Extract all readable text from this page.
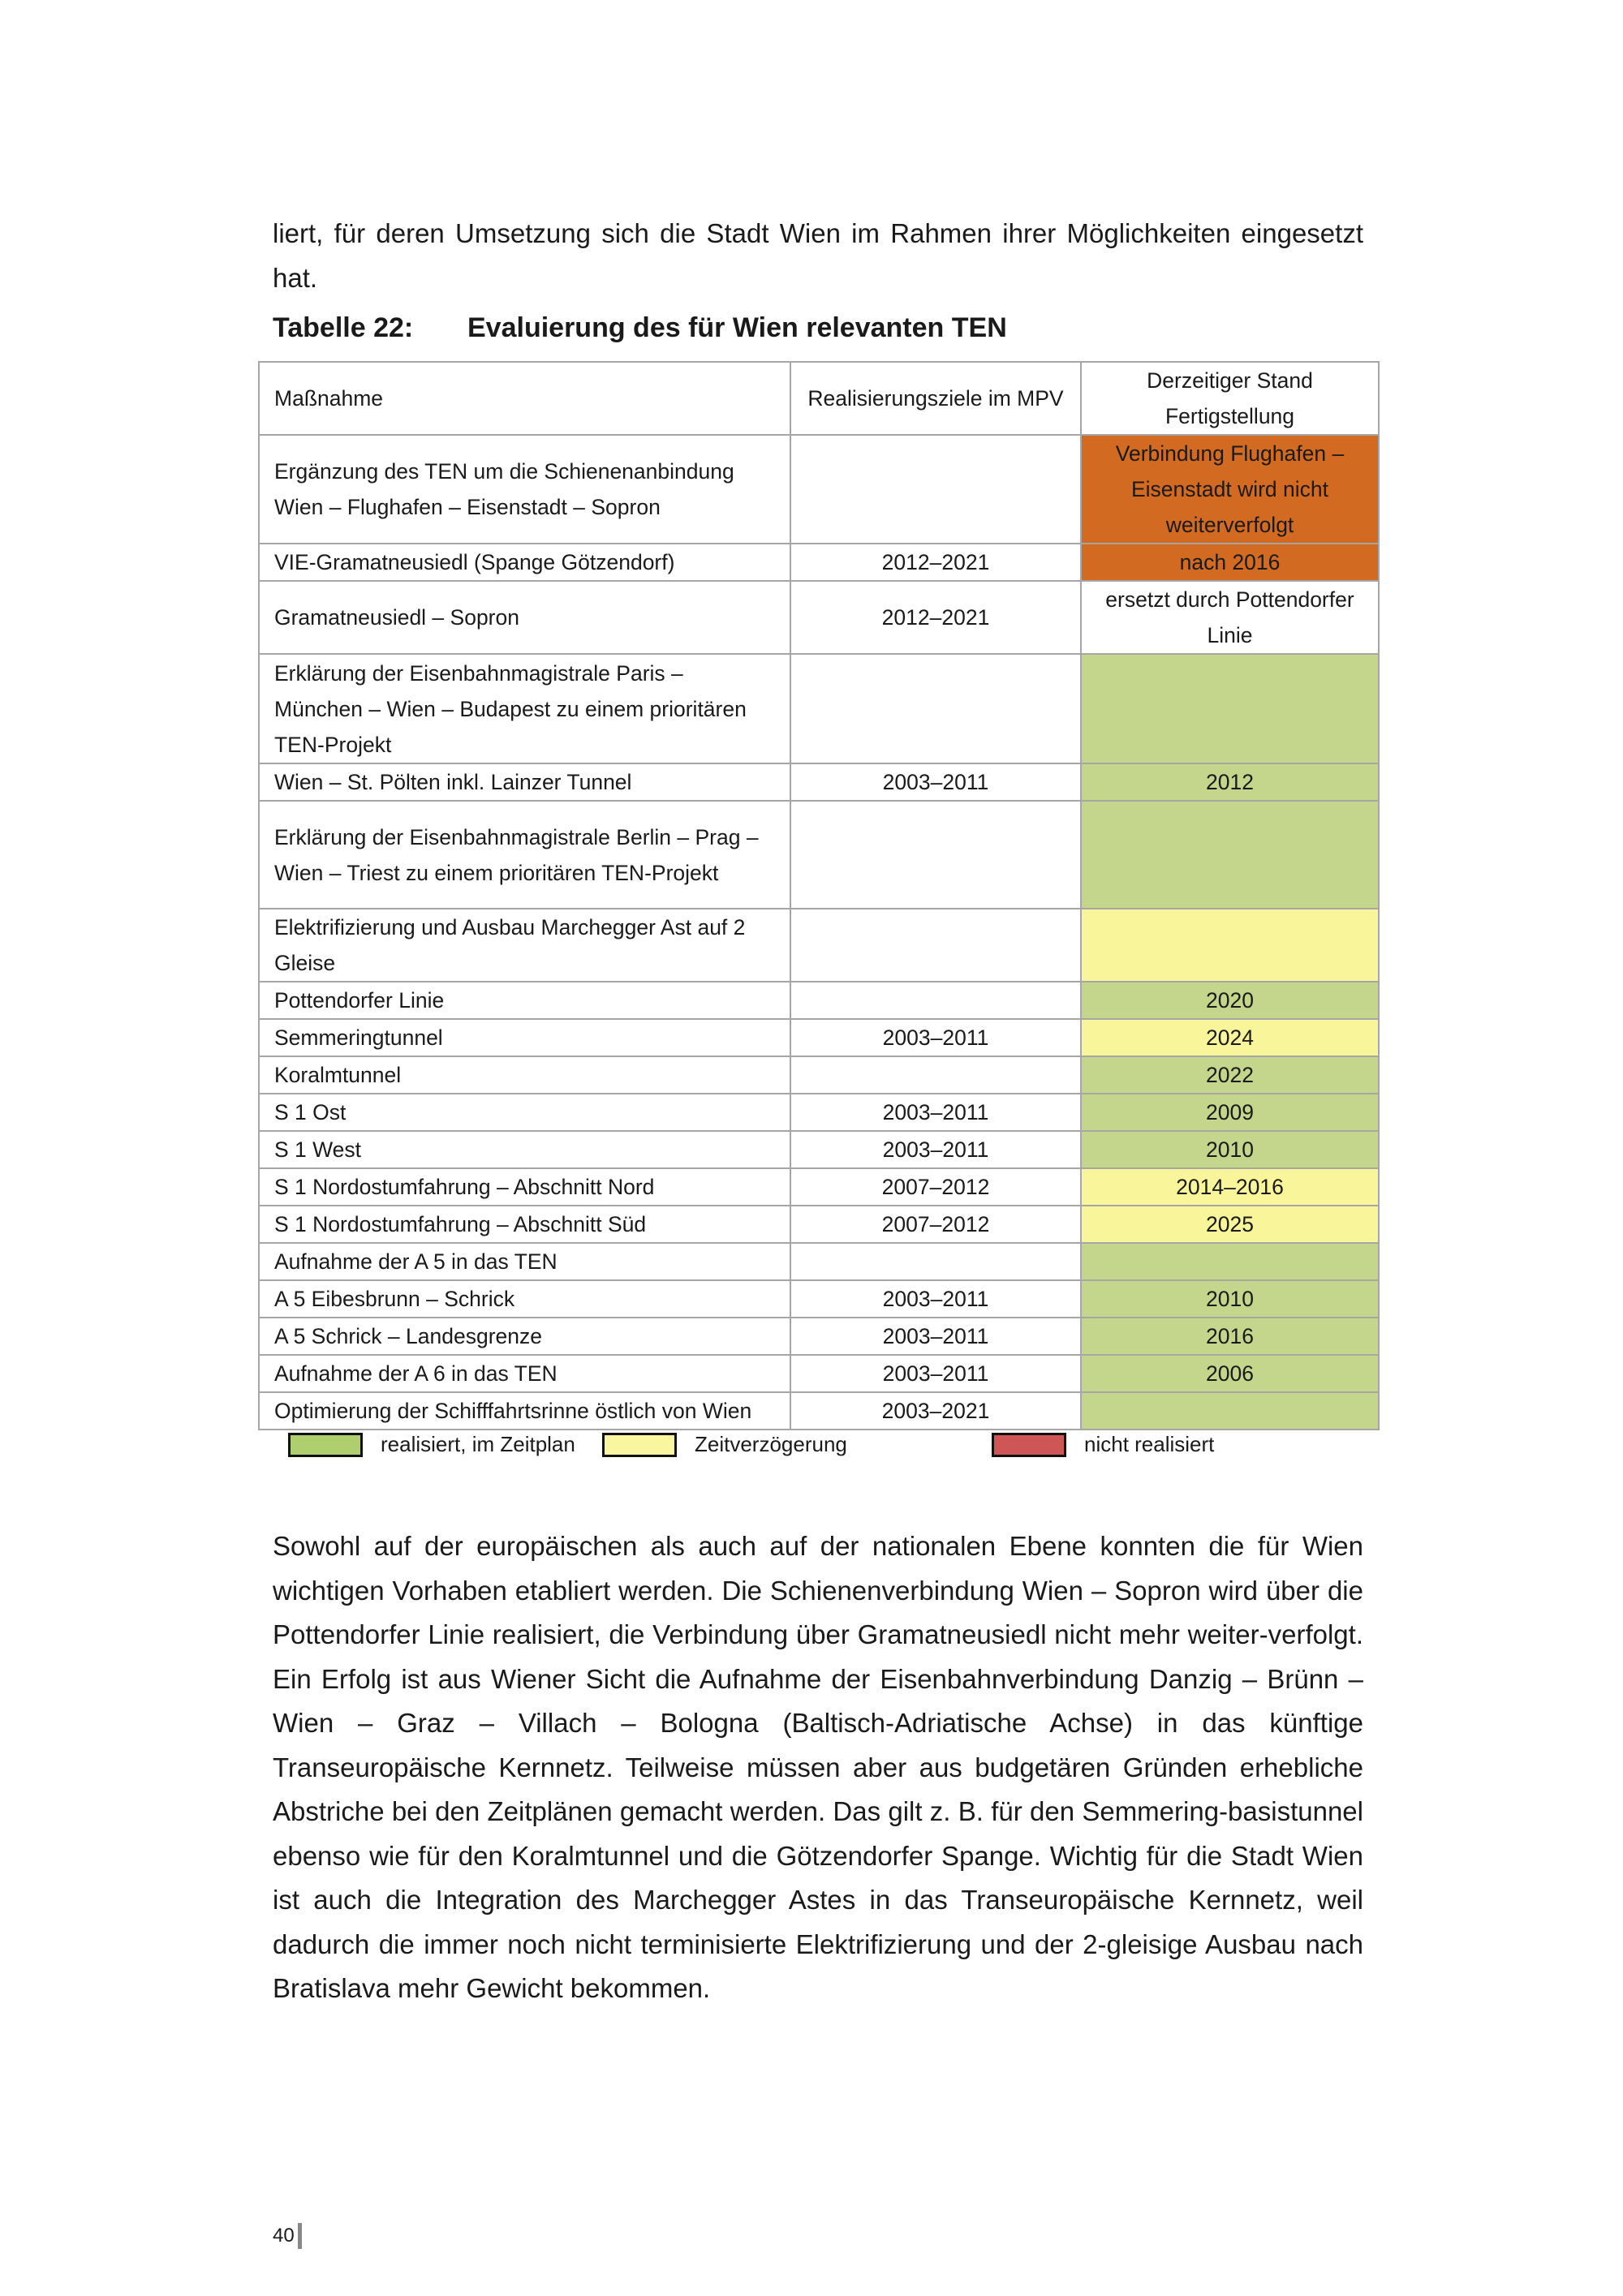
liert, für deren Umsetzung sich die Stadt Wien im Rahmen ihrer Möglichkeiten eingesetzt hat.

Tabelle 22: Evaluierung des für Wien relevanten TEN
Maßnahme	Realisierungsziele im MPV	Derzeitiger Stand Fertigstellung
Ergänzung des TEN um die Schienenanbindung Wien – Flughafen – Eisenstadt – Sopron		Verbindung Flughafen – Eisenstadt wird nicht weiterverfolgt
VIE-Gramatneusiedl (Spange Götzendorf)	2012–2021	nach 2016
Gramatneusiedl – Sopron	2012–2021	ersetzt durch Pottendorfer Linie
Erklärung der Eisenbahnmagistrale Paris – München – Wien – Budapest zu einem prioritären TEN-Projekt		
Wien – St. Pölten inkl. Lainzer Tunnel	2003–2011	2012
Erklärung der Eisenbahnmagistrale Berlin – Prag – Wien – Triest zu einem prioritären TEN-Projekt		
Elektrifizierung und Ausbau Marchegger Ast auf 2 Gleise		
Pottendorfer Linie		2020
Semmeringtunnel	2003–2011	2024
Koralmtunnel		2022
S 1 Ost	2003–2011	2009
S 1 West	2003–2011	2010
S 1 Nordostumfahrung – Abschnitt Nord	2007–2012	2014–2016
S 1 Nordostumfahrung – Abschnitt Süd	2007–2012	2025
Aufnahme der A 5 in das TEN		
A 5 Eibesbrunn – Schrick	2003–2011	2010
A 5 Schrick – Landesgrenze	2003–2011	2016
Aufnahme der A 6 in das TEN	2003–2011	2006
Optimierung der Schifffahrtsrinne östlich von Wien	2003–2021	
realisiert, im Zeitplan	Zeitverzögerung	nicht realisiert

Sowohl auf der europäischen als auch auf der nationalen Ebene konnten die für Wien wichtigen Vorhaben etabliert werden. Die Schienenverbindung Wien – Sopron wird über die Pottendorfer Linie realisiert, die Verbindung über Gramatneusiedl nicht mehr weiter-verfolgt. Ein Erfolg ist aus Wiener Sicht die Aufnahme der Eisenbahnverbindung Danzig – Brünn – Wien – Graz – Villach – Bologna (Baltisch-Adriatische Achse) in das künftige Transeuropäische Kernnetz. Teilweise müssen aber aus budgetären Gründen erhebliche Abstriche bei den Zeitplänen gemacht werden. Das gilt z. B. für den Semmering-basistunnel ebenso wie für den Koralmtunnel und die Götzendorfer Spange. Wichtig für die Stadt Wien ist auch die Integration des Marchegger Astes in das Transeuropäische Kernnetz, weil dadurch die immer noch nicht terminisierte Elektrifizierung und der 2-gleisige Ausbau nach Bratislava mehr Gewicht bekommen.

40
